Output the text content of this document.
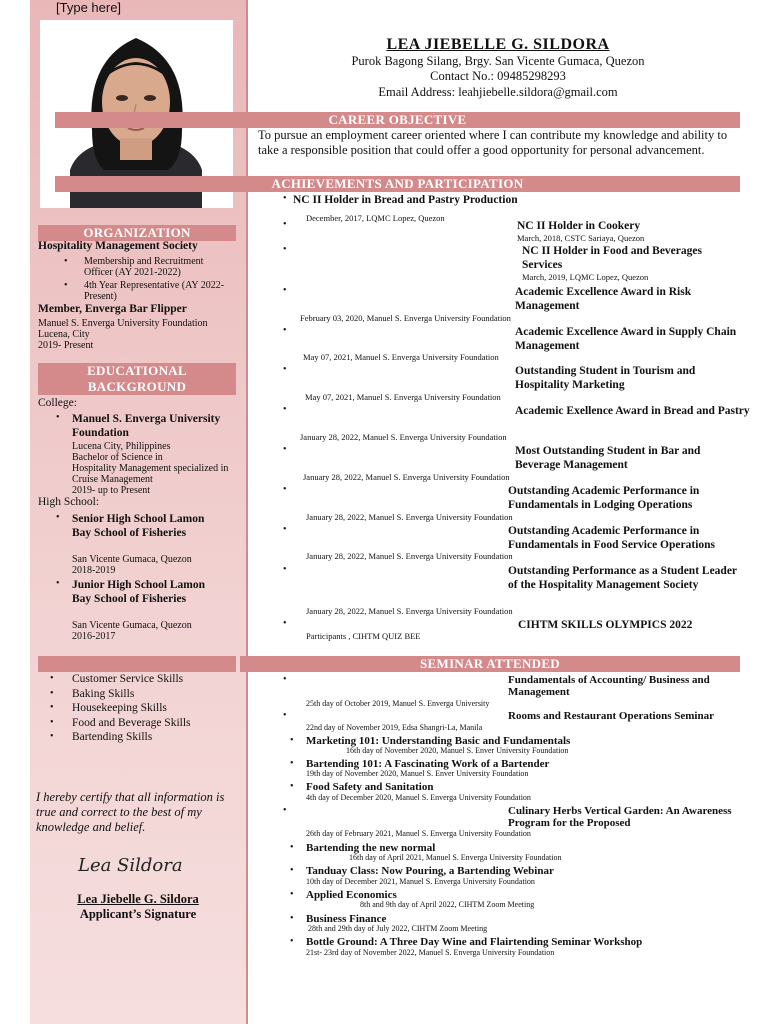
[Type here]
LEA JIEBELLE G. SILDORA
Purok Bagong Silang, Brgy. San Vicente Gumaca, Quezon
Contact No.: 09485298293
Email Address: leahjiebelle.sildora@gmail.com
CAREER OBJECTIVE
To pursue an employment career oriented where I can contribute my knowledge and ability to take a responsible position that could offer a good opportunity for personal advancement.
ACHIEVEMENTS AND PARTICIPATION
• NC II Holder in Bread and Pastry Production
December, 2017, LQMC Lopez, Quezon
•	NC II Holder in Cookery
March, 2018, CSTC Sariaya, Quezon
•	NC II Holder in Food and Beverages Services
March, 2019, LQMC Lopez, Quezon
•	Academic Excellence Award in Risk Management
February 03, 2020, Manuel S. Enverga University Foundation
•	Academic Excellence Award in Supply Chain Management
May 07, 2021, Manuel S. Enverga University Foundation
•	Outstanding Student in Tourism and Hospitality Marketing
May 07, 2021, Manuel S. Enverga University Foundation
•	Academic Exellence Award in Bread and Pastry
January 28, 2022, Manuel S. Enverga University Foundation
•	Most Outstanding Student in Bar and Beverage Management
January 28, 2022, Manuel S. Enverga University Foundation
•	Outstanding Academic Performance in Fundamentals in Lodging Operations
January 28, 2022, Manuel S. Enverga University Foundation
•	Outstanding Academic Performance in Fundamentals in Food Service Operations
January 28, 2022, Manuel S. Enverga University Foundation
•	Outstanding Performance as a Student Leader of the Hospitality Management Society
January 28, 2022, Manuel S. Enverga University Foundation
•	CIHTM SKILLS OLYMPICS 2022
Participants , CIHTM QUIZ BEE
ORGANIZATION
Hospitality Management Society
• Membership and Recruitment Officer (AY 2021-2022)
• 4th Year Representative (AY 2022-Present)
Member, Enverga Bar Flipper
Manuel S. Enverga University Foundation
Lucena, City
2019- Present
EDUCATIONAL BACKGROUND
College:
• Manuel S. Enverga University Foundation
Lucena City, Philippines
Bachelor of Science in
Hospitality Management specialized in
Cruise Management
2019- up to Present
High School:
• Senior High School Lamon Bay School of Fisheries
San Vicente Gumaca, Quezon
2018-2019
• Junior High School Lamon Bay School of Fisheries
San Vicente Gumaca, Quezon
2016-2017
• Customer Service Skills
• Baking Skills
• Housekeeping Skills
• Food and Beverage Skills
• Bartending Skills
SEMINAR ATTENDED
•	Fundamentals of Accounting/ Business and Management
25th day of October 2019, Manuel S. Enverga University
•	Rooms and Restaurant Operations Seminar
22nd day of November 2019, Edsa Shangri-La, Manila
• Marketing 101: Understanding Basic and Fundamentals
16th day of November 2020, Manuel S. Enver University Foundation
• Bartending 101: A Fascinating Work of a Bartender
19th day of November 2020, Manuel S. Enver University Foundation
• Food Safety and Sanitation
4th day of December 2020, Manuel S. Enverga University Foundation
•	Culinary Herbs Vertical Garden: An Awareness Program for the Proposed
26th day of February 2021, Manuel S. Enverga University Foundation
• Bartending the new normal
16th day of April 2021, Manuel S. Enverga University Foundation
• Tanduay Class: Now Pouring, a Bartending Webinar
10th day of December 2021, Manuel S. Enverga University Foundation
• Applied Economics
8th and 9th day of April 2022, CIHTM Zoom Meeting
• Business Finance
28th and 29th day of July 2022, CIHTM Zoom Meeting
• Bottle Ground: A Three Day Wine and Flairtending Seminar Workshop
21st- 23rd day of November 2022, Manuel S. Enverga University Foundation
I hereby certify that all information is true and correct to the best of my knowledge and belief.
Lea Sildora
Lea Jiebelle G. Sildora
Applicant’s Signature
